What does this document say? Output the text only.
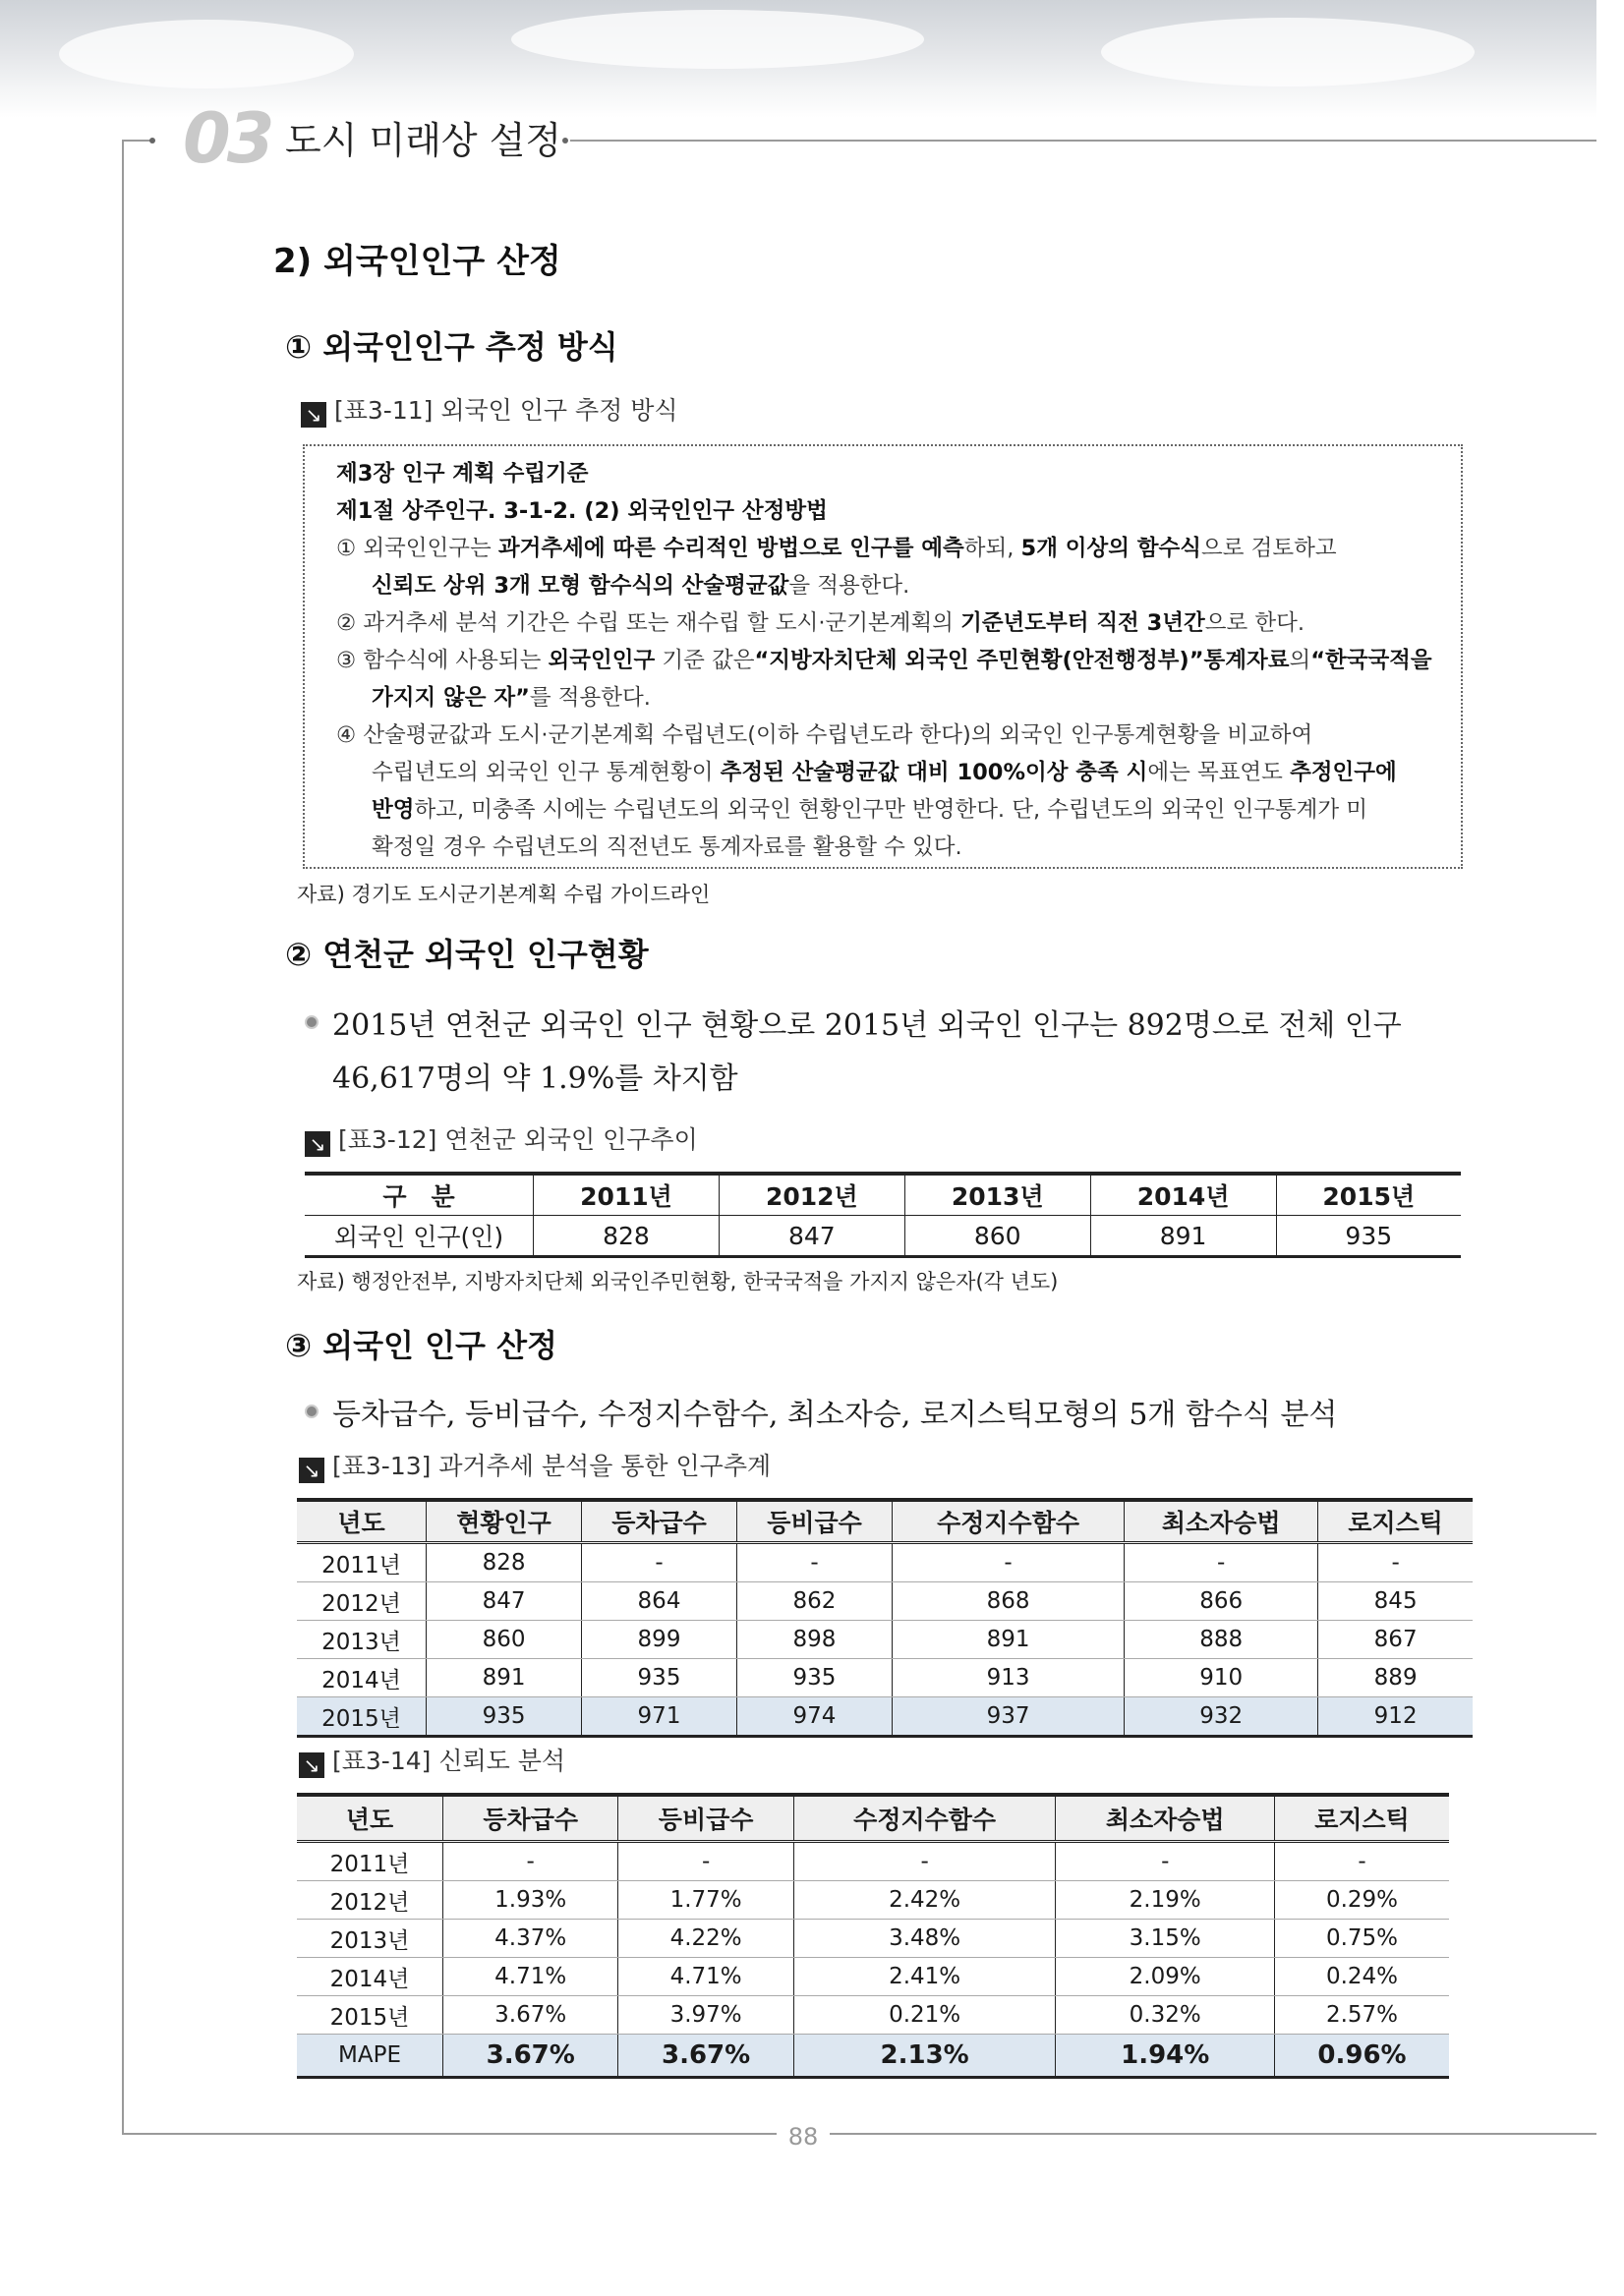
03 도시 미래상 설정
2) 외국인인구 산정
① 외국인인구 추정 방식
↘ [표3-11] 외국인 인구 추정 방식
제3장 인구 계획 수립기준
제1절 상주인구. 3-1-2. (2) 외국인인구 산정방법
① 외국인인구는 과거추세에 따른 수리적인 방법으로 인구를 예측하되, 5개 이상의 함수식으로 검토하고
신뢰도 상위 3개 모형 함수식의 산술평균값을 적용한다.
② 과거추세 분석 기간은 수립 또는 재수립 할 도시·군기본계획의 기준년도부터 직전 3년간으로 한다.
③ 함수식에 사용되는 외국인인구 기준 값은“지방자치단체 외국인 주민현황(안전행정부)”통계자료의“한국국적을
가지지 않은 자”를 적용한다.
④ 산술평균값과 도시·군기본계획 수립년도(이하 수립년도라 한다)의 외국인 인구통계현황을 비교하여
수립년도의 외국인 인구 통계현황이 추정된 산술평균값 대비 100%이상 충족 시에는 목표연도 추정인구에
반영하고, 미충족 시에는 수립년도의 외국인 현황인구만 반영한다. 단, 수립년도의 외국인 인구통계가 미
확정일 경우 수립년도의 직전년도 통계자료를 활용할 수 있다.
자료) 경기도 도시군기본계획 수립 가이드라인
② 연천군 외국인 인구현황
2015년 연천군 외국인 인구 현황으로 2015년 외국인 인구는 892명으로 전체 인구
46,617명의 약 1.9%를 차지함
↘ [표3-12] 연천군 외국인 인구추이
구　분	2011년	2012년	2013년	2014년	2015년
외국인 인구(인)	828	847	860	891	935
자료) 행정안전부, 지방자치단체 외국인주민현황, 한국국적을 가지지 않은자(각 년도)
③ 외국인 인구 산정
등차급수, 등비급수, 수정지수함수, 최소자승, 로지스틱모형의 5개 함수식 분석
↘ [표3-13] 과거추세 분석을 통한 인구추계
년도	현황인구	등차급수	등비급수	수정지수함수	최소자승법	로지스틱
2011년	828	-	-	-	-	-
2012년	847	864	862	868	866	845
2013년	860	899	898	891	888	867
2014년	891	935	935	913	910	889
2015년	935	971	974	937	932	912
↘ [표3-14] 신뢰도 분석
년도	등차급수	등비급수	수정지수함수	최소자승법	로지스틱
2011년	-	-	-	-	-
2012년	1.93%	1.77%	2.42%	2.19%	0.29%
2013년	4.37%	4.22%	3.48%	3.15%	0.75%
2014년	4.71%	4.71%	2.41%	2.09%	0.24%
2015년	3.67%	3.97%	0.21%	0.32%	2.57%
MAPE	3.67%	3.67%	2.13%	1.94%	0.96%
88
